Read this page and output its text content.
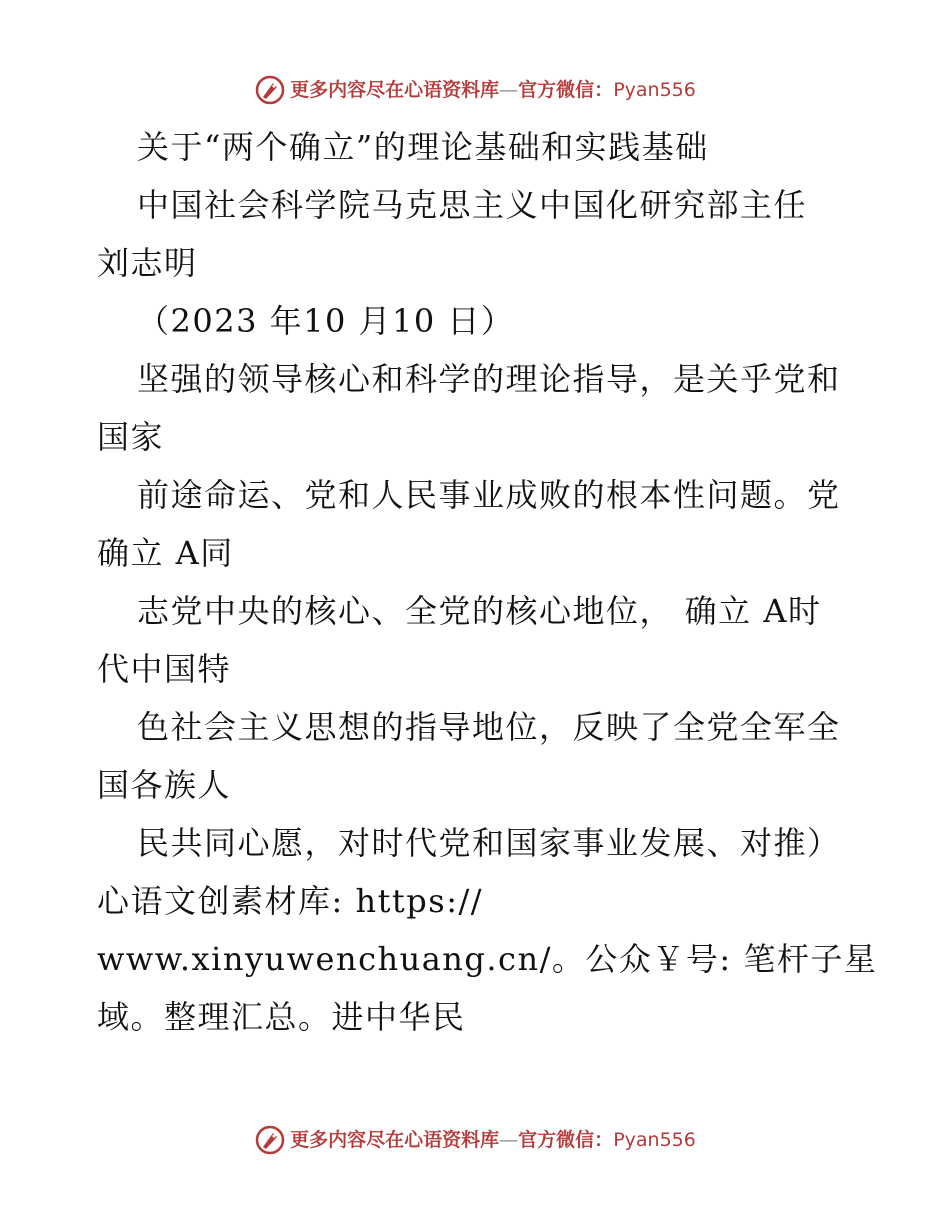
更多内容尽在心语资料库—官方微信：Pyan556
关于“两个确立”的理论基础和实践基础
中国社会科学院马克思主义中国化研究部主任
刘志明
（2023 年10 月10 日）
坚强的领导核心和科学的理论指导，是关乎党和
国家
前途命运、党和人民事业成败的根本性问题。党
确立 A同
志党中央的核心、全党的核心地位， 确立 A时
代中国特
色社会主义思想的指导地位，反映了全党全军全
国各族人
民共同心愿，对时代党和国家事业发展、对推）
心语文创素材库: https://
www.xinyuwenchuang.cn/。公众￥号: 笔杆子星
域。整理汇总。进中华民
更多内容尽在心语资料库—官方微信：Pyan556
